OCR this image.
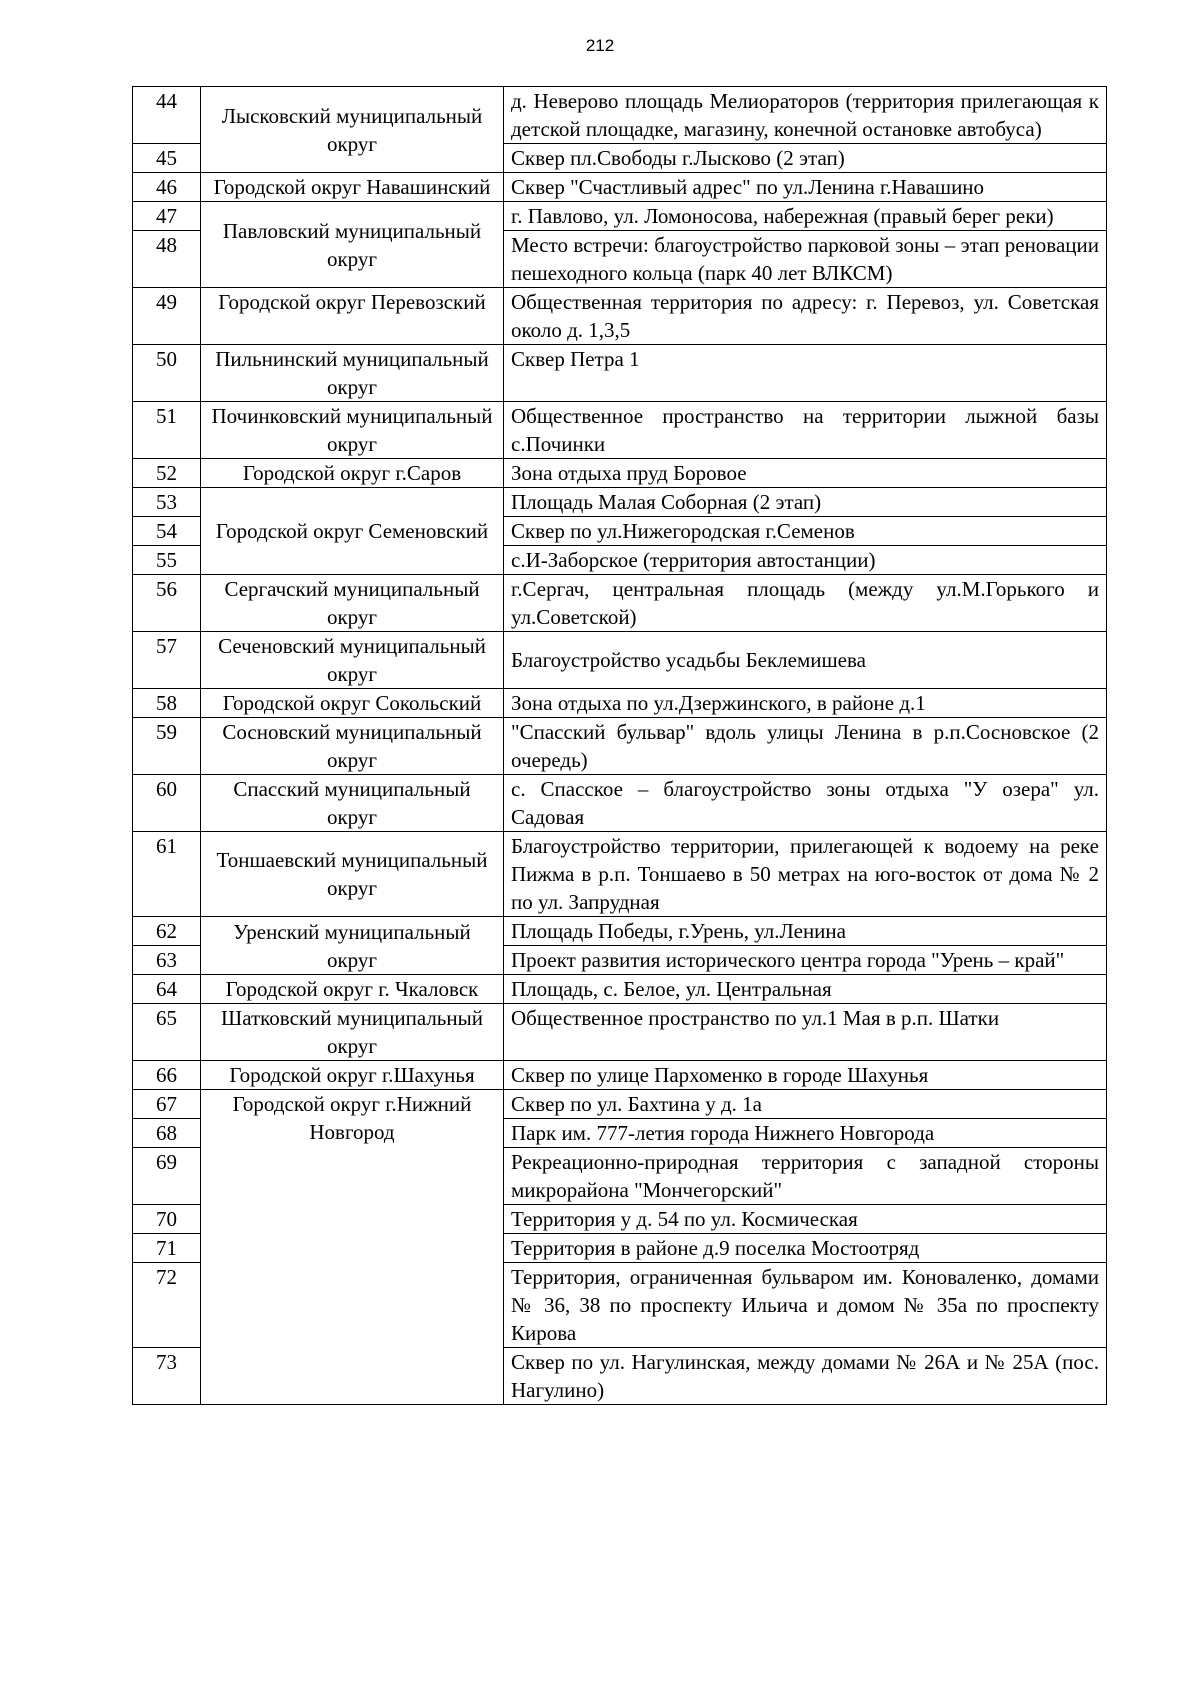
212
44	Лысковский муниципальный округ	д. Неверово площадь Мелиораторов (территория прилегающая к детской площадке, магазину, конечной остановке автобуса)
45		Сквер пл.Свободы г.Лысково (2 этап)
46	Городской округ Навашинский	Сквер "Счастливый адрес" по ул.Ленина г.Навашино
47	Павловский муниципальный округ	г. Павлово, ул. Ломоносова, набережная (правый берег реки)
48		Место встречи: благоустройство парковой зоны – этап реновации пешеходного кольца (парк 40 лет ВЛКСМ)
49	Городской округ Перевозский	Общественная территория по адресу: г. Перевоз, ул. Советская около д. 1,3,5
50	Пильнинский муниципальный округ	Сквер Петра 1
51	Починковский муниципальный округ	Общественное пространство на территории лыжной базы с.Починки
52	Городской округ г.Саров	Зона отдыха пруд Боровое
53	Городской округ Семеновский	Площадь Малая Соборная (2 этап)
54		Сквер по ул.Нижегородская г.Семенов
55		с.И-Заборское (территория автостанции)
56	Сергачский муниципальный округ	г.Сергач, центральная площадь (между ул.М.Горького и ул.Советской)
57	Сеченовский муниципальный округ	Благоустройство усадьбы Беклемишева
58	Городской округ Сокольский	Зона отдыха по ул.Дзержинского, в районе д.1
59	Сосновский муниципальный округ	"Спасский бульвар" вдоль улицы Ленина в р.п.Сосновское (2 очередь)
60	Спасский муниципальный округ	с. Спасское – благоустройство зоны отдыха "У озера" ул. Садовая
61	Тоншаевский муниципальный округ	Благоустройство территории, прилегающей к водоему на реке Пижма в р.п. Тоншаево в 50 метрах на юго-восток от дома № 2 по ул. Запрудная
62	Уренский муниципальный округ	Площадь Победы, г.Урень, ул.Ленина
63		Проект развития исторического центра города "Урень – край"
64	Городской округ г. Чкаловск	Площадь, с. Белое, ул. Центральная
65	Шатковский муниципальный округ	Общественное пространство по ул.1 Мая в р.п. Шатки
66	Городской округ г.Шахунья	Сквер по улице Пархоменко в городе Шахунья
67	Городской округ г.Нижний Новгород	Сквер по ул. Бахтина у д. 1а
68		Парк им. 777-летия города Нижнего Новгорода
69		Рекреационно-природная территория с западной стороны микрорайона "Мончегорский"
70		Территория у д. 54 по ул. Космическая
71		Территория в районе д.9 поселка Мостоотряд
72		Территория, ограниченная бульваром им. Коноваленко, домами № 36, 38 по проспекту Ильича и домом № 35а по проспекту Кирова
73		Сквер по ул. Нагулинская, между домами № 26А и № 25А (пос. Нагулино)
